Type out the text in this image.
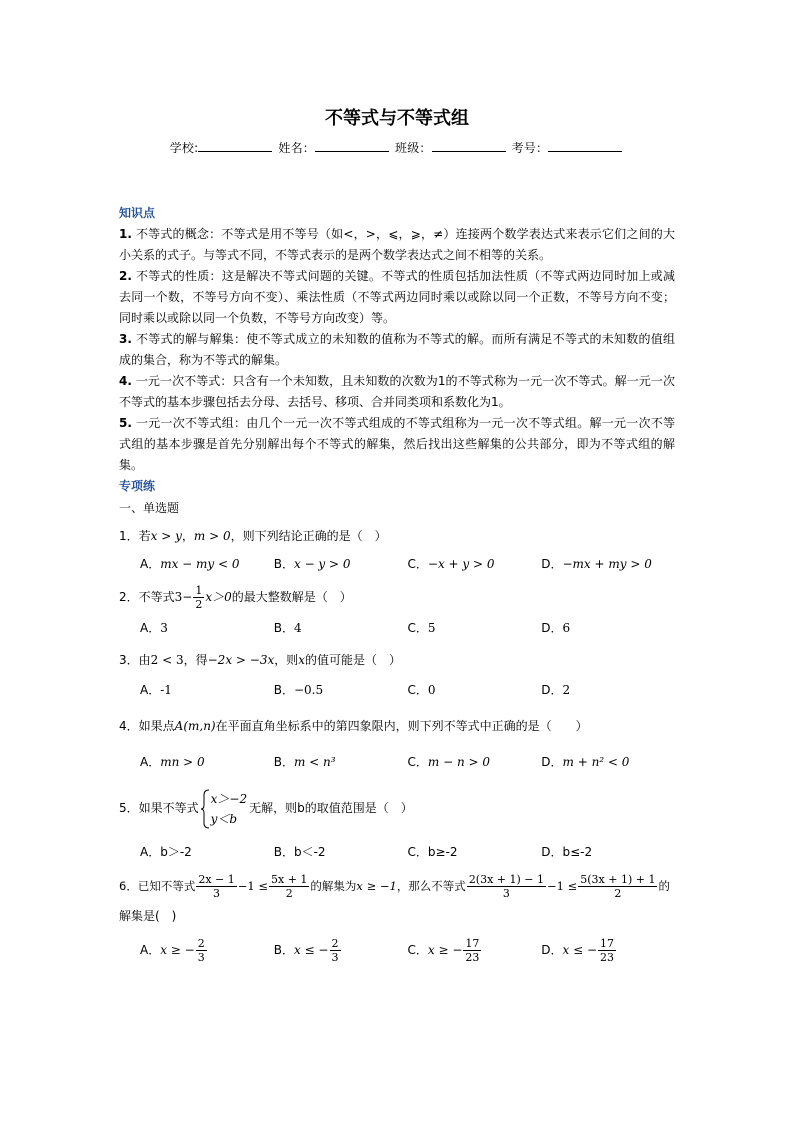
不等式与不等式组
学校:	姓名：	班级：	考号：
知识点
1. 不等式的概念：不等式是用不等号（如<，>，⩽，⩾，≠）连接两个数学表达式来表示它们之间的大小关系的式子。与等式不同，不等式表示的是两个数学表达式之间不相等的关系。
2. 不等式的性质：这是解决不等式问题的关键。不等式的性质包括加法性质（不等式两边同时加上或减去同一个数，不等号方向不变）、乘法性质（不等式两边同时乘以或除以同一个正数，不等号方向不变；同时乘以或除以同一个负数，不等号方向改变）等。
3. 不等式的解与解集：使不等式成立的未知数的值称为不等式的解。而所有满足不等式的未知数的值组成的集合，称为不等式的解集。
4. 一元一次不等式：只含有一个未知数，且未知数的次数为1的不等式称为一元一次不等式。解一元一次不等式的基本步骤包括去分母、去括号、移项、合并同类项和系数化为1。
5. 一元一次不等式组：由几个一元一次不等式组成的不等式组称为一元一次不等式组。解一元一次不等式组的基本步骤是首先分别解出每个不等式的解集，然后找出这些解集的公共部分，即为不等式组的解集。
专项练
一、单选题
1．若x > y，m > 0，则下列结论正确的是（　）
A．mx − my < 0	B．x − y > 0	C．−x + y > 0	D．−mx + my > 0
2．不等式$3- \frac{1}{2} x>0$的最大整数解是（　）
A．3	B．4	C．5	D．6
3．由2 < 3，得−2x > −3x，则x的值可能是（　）
A．-1	B．−0.5	C．0	D．2
4．如果点A(m,n)在平面直角坐标系中的第四象限内，则下列不等式中正确的是（　　）
A．mn > 0	B．m < n³	C．m − n > 0	D．m + n² < 0
5．如果不等式
x＞−2
y＜b
无解，则b的取值范围是（　）
A．b＞-2	B．b＜-2	C．b≥-2	D．b≤-2
6．已知不等式 $\frac{2x - 1}{3} -1 \le \frac{5x + 1}{2}$ 的解集为x ≥ −1，那么不等式 $\frac{2(3x + 1) - 1}{3} -1 \le \frac{5(3x + 1) + 1}{2}$ 的
解集是(　)
A．x ≥ − $\frac{2}{3}$	B．x ≤ − $\frac{2}{3}$	C．x ≥ − $\frac{17}{23}$	D．x ≤ − $\frac{17}{23}$
